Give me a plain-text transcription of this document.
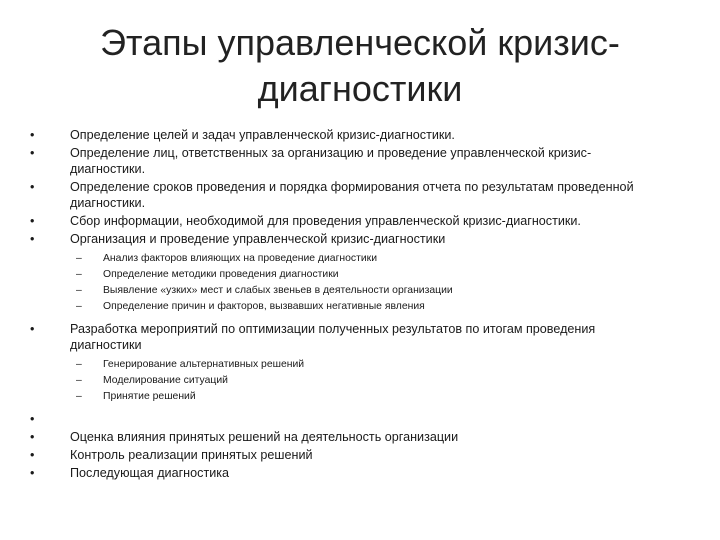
Этапы управленческой кризис-диагностики
•	Определение целей и задач управленческой кризис-диагностики.
•	Определение лиц, ответственных за организацию и проведение управленческой кризис-диагностики.
•	Определение сроков проведения и порядка формирования отчета по результатам проведенной диагностики.
•	Сбор информации, необходимой для проведения управленческой кризис-диагностики.
•	Организация и проведение управленческой кризис-диагностики
– Анализ факторов влияющих на проведение диагностики
– Определение методики проведения диагностики
– Выявление «узких» мест и слабых звеньев в деятельности организации
– Определение причин и факторов, вызвавших негативные явления
•	Разработка мероприятий по оптимизации полученных результатов по итогам проведения диагностики
– Генерирование альтернативных решений
– Моделирование ситуаций
– Принятие решений
•

•	Оценка влияния принятых решений на деятельность организации
•	Контроль реализации принятых решений
•	Последующая диагностика
